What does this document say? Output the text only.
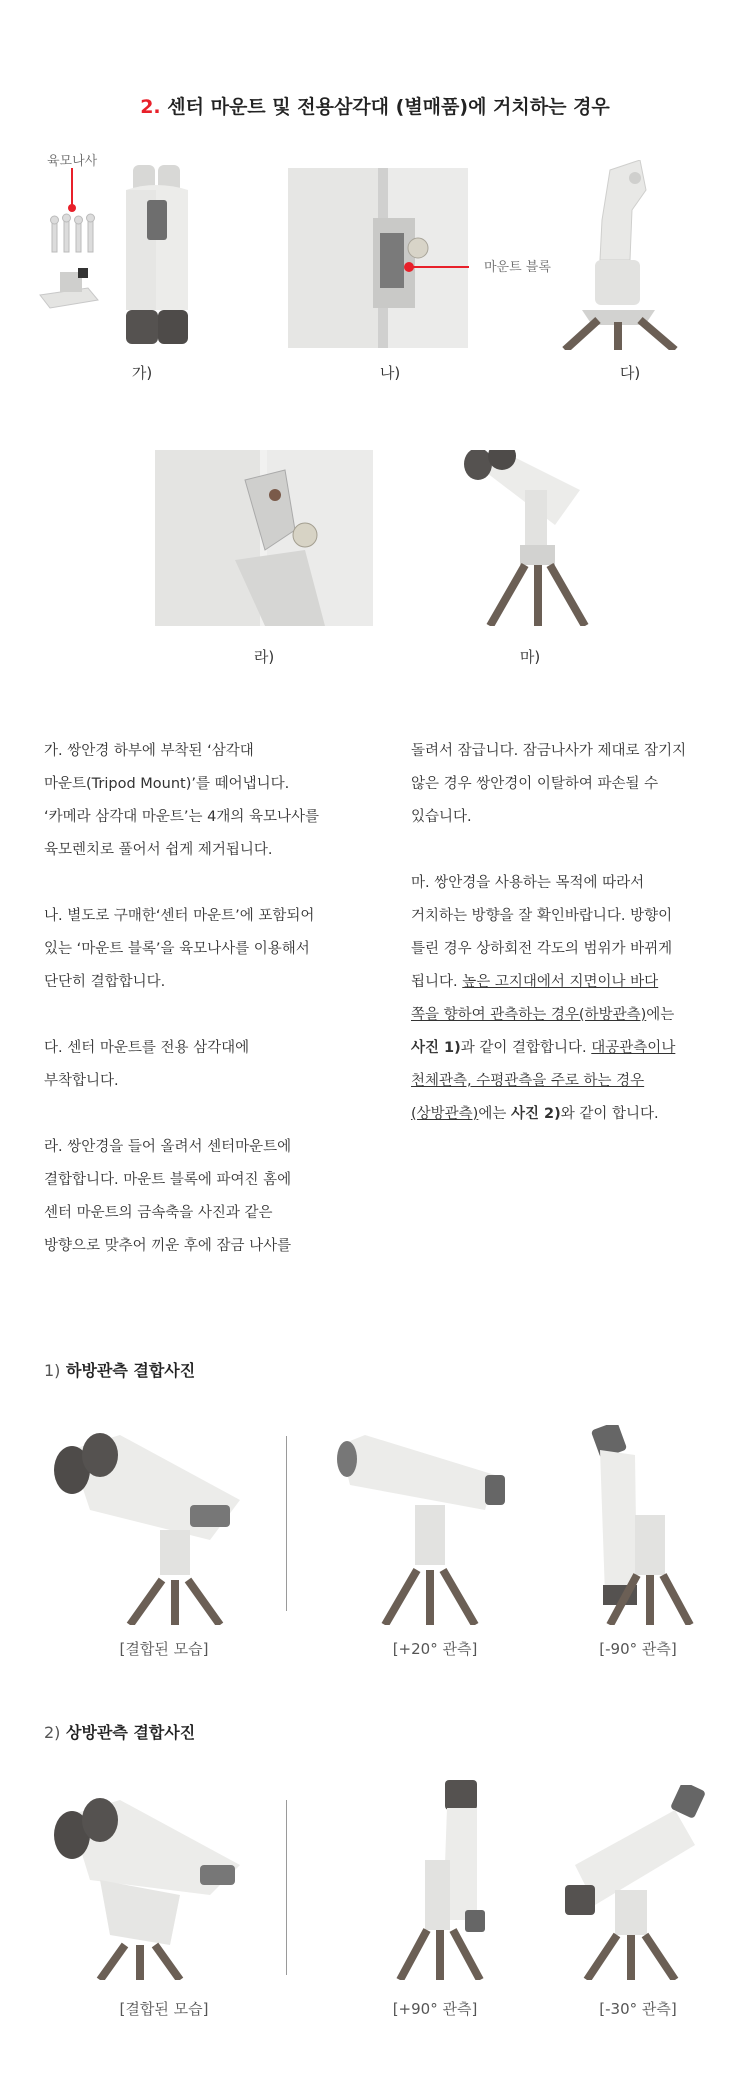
2. 센터 마운트 및 전용삼각대 (별매품)에 거치하는 경우
육모나사
가)
마운트 블록
나)	다)
라)	마)
가. 쌍안경 하부에 부착된 ‘삼각대
마운트(Tripod Mount)’를 떼어냅니다.
‘카메라 삼각대 마운트’는 4개의 육모나사를
육모렌치로 풀어서 쉽게 제거됩니다.
나. 별도로 구매한‘센터 마운트’에 포함되어
있는 ‘마운트 블록’을 육모나사를 이용해서
단단히 결합합니다.
다. 센터 마운트를 전용 삼각대에
부착합니다.
라. 쌍안경을 들어 올려서 센터마운트에
결합합니다. 마운트 블록에 파여진 홈에
센터 마운트의 금속축을 사진과 같은
방향으로 맞추어 끼운 후에 잠금 나사를
돌려서 잠급니다. 잠금나사가 제대로 잠기지
않은 경우 쌍안경이 이탈하여 파손될 수
있습니다.
마. 쌍안경을 사용하는 목적에 따라서
거치하는 방향을 잘 확인바랍니다. 방향이
틀린 경우 상하회전 각도의 범위가 바뀌게
됩니다. 높은 고지대에서 지면이나 바다
쪽을 향하여 관측하는 경우(하방관측)에는
사진 1)과 같이 결합합니다. 대공관측이나
천체관측, 수평관측을 주로 하는 경우
(상방관측)에는 사진 2)와 같이 합니다.
1) 하방관측 결합사진
[결합된 모습]	[+20° 관측]	[-90° 관측]
2) 상방관측 결합사진
[결합된 모습]	[+90° 관측]	[-30° 관측]
